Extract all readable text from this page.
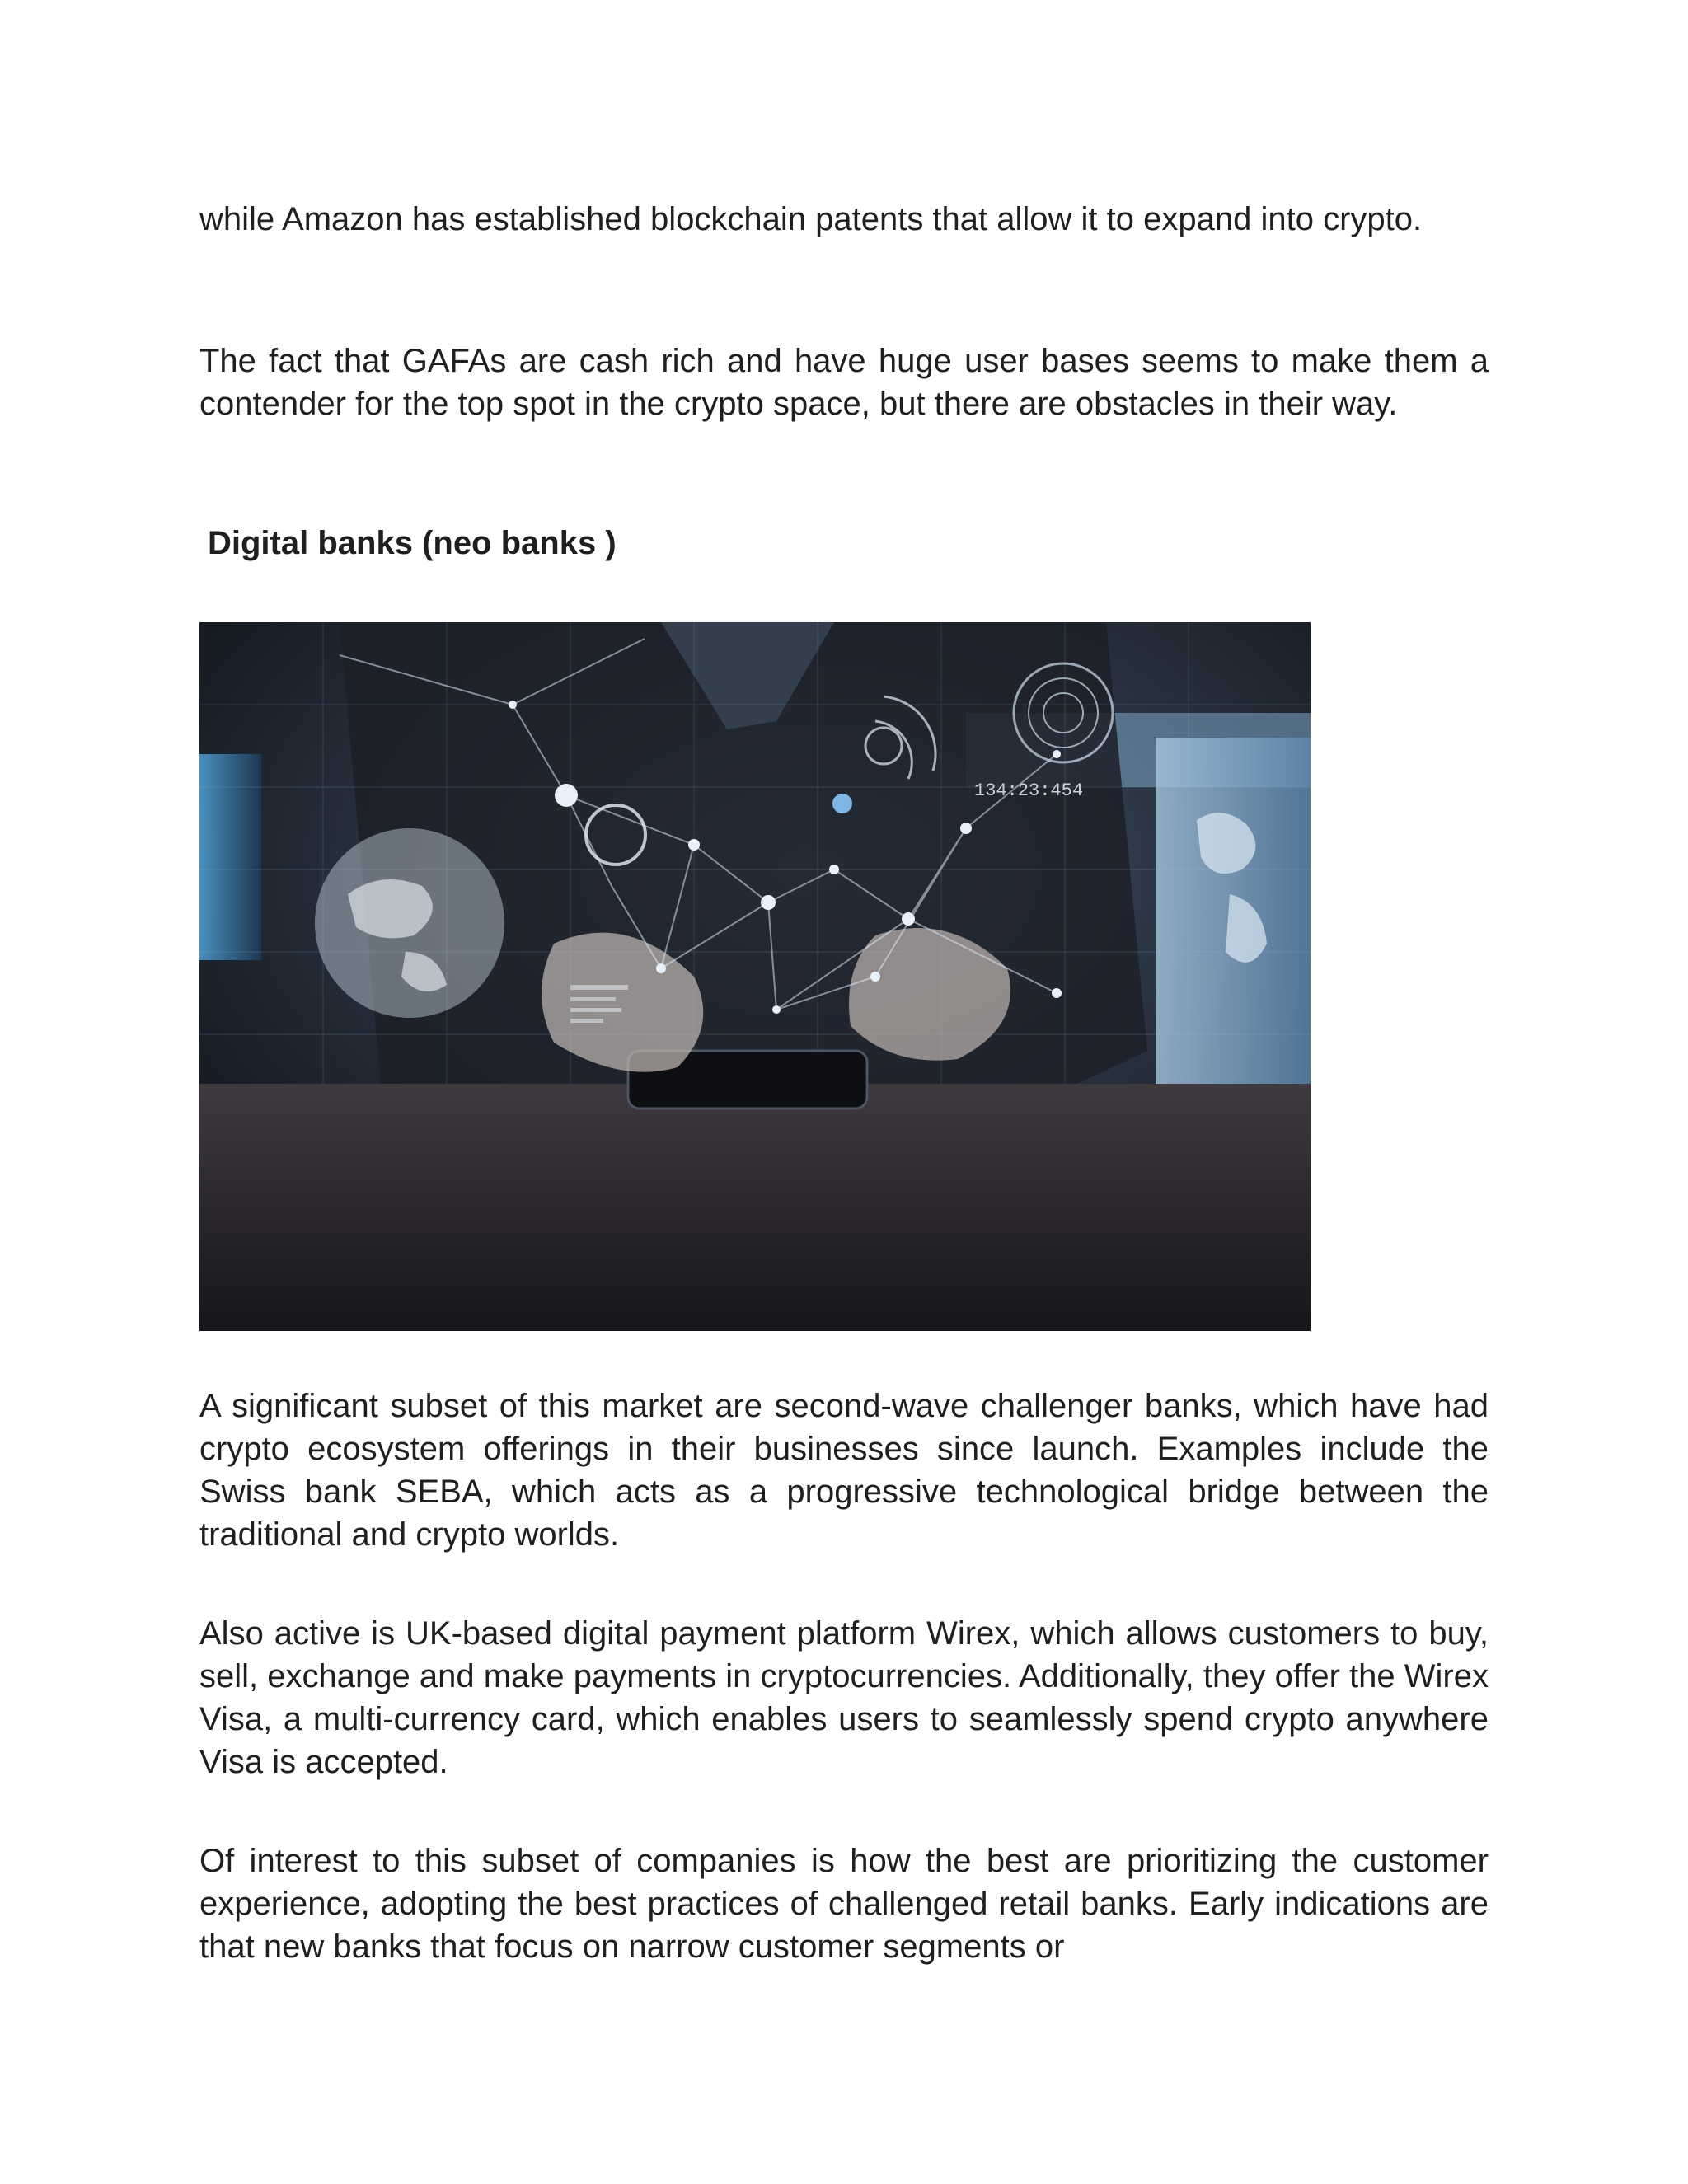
while Amazon has established blockchain patents that allow it to expand into crypto.

The fact that GAFAs are cash rich and have huge user bases seems to make them a contender for the top spot in the crypto space, but there are obstacles in their way.

Digital banks (neo banks )
134:23:454

A significant subset of this market are second-wave challenger banks, which have had crypto ecosystem offerings in their businesses since launch. Examples include the Swiss bank SEBA, which acts as a progressive technological bridge between the traditional and crypto worlds.

Also active is UK-based digital payment platform Wirex, which allows customers to buy, sell, exchange and make payments in cryptocurrencies. Additionally, they offer the Wirex Visa, a multi-currency card, which enables users to seamlessly spend crypto anywhere Visa is accepted.

Of interest to this subset of companies is how the best are prioritizing the customer experience, adopting the best practices of challenged retail banks. Early indications are that new banks that focus on narrow customer segments or
